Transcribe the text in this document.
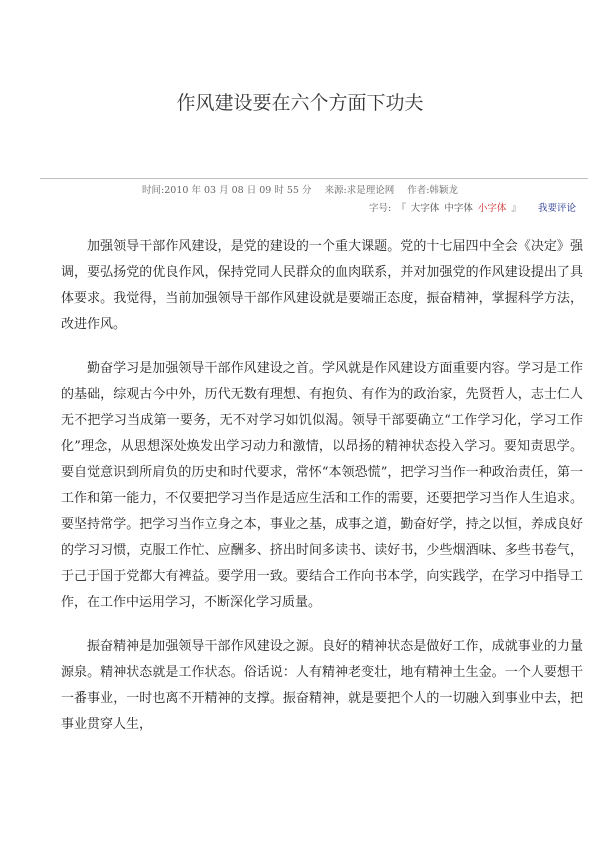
作风建设要在六个方面下功夫
时间:2010 年 03 月 08 日 09 时 55 分 来源:求是理论网 作者:韩颖龙
字号: 『 大字体 中字体 小字体 』 我要评论

加强领导干部作风建设，是党的建设的一个重大课题。党的十七届四中全会《决定》强调，要弘扬党的优良作风，保持党同人民群众的血肉联系，并对加强党的作风建设提出了具体要求。我觉得，当前加强领导干部作风建设就是要端正态度，振奋精神，掌握科学方法，改进作风。

勤奋学习是加强领导干部作风建设之首。学风就是作风建设方面重要内容。学习是工作的基础，综观古今中外，历代无数有理想、有抱负、有作为的政治家，先贤哲人，志士仁人无不把学习当成第一要务，无不对学习如饥似渴。领导干部要确立“工作学习化，学习工作化”理念，从思想深处焕发出学习动力和激情，以昂扬的精神状态投入学习。要知责思学。要自觉意识到所肩负的历史和时代要求，常怀“本领恐慌”，把学习当作一种政治责任，第一工作和第一能力，不仅要把学习当作是适应生活和工作的需要，还要把学习当作人生追求。要坚持常学。把学习当作立身之本，事业之基，成事之道，勤奋好学，持之以恒，养成良好的学习习惯，克服工作忙、应酬多、挤出时间多读书、读好书，少些烟酒味、多些书卷气，于己于国于党都大有裨益。要学用一致。要结合工作向书本学，向实践学，在学习中指导工作，在工作中运用学习，不断深化学习质量。

振奋精神是加强领导干部作风建设之源。良好的精神状态是做好工作，成就事业的力量源泉。精神状态就是工作状态。俗话说：人有精神老变壮，地有精神土生金。一个人要想干一番事业，一时也离不开精神的支撑。振奋精神，就是要把个人的一切融入到事业中去，把事业贯穿人生，
